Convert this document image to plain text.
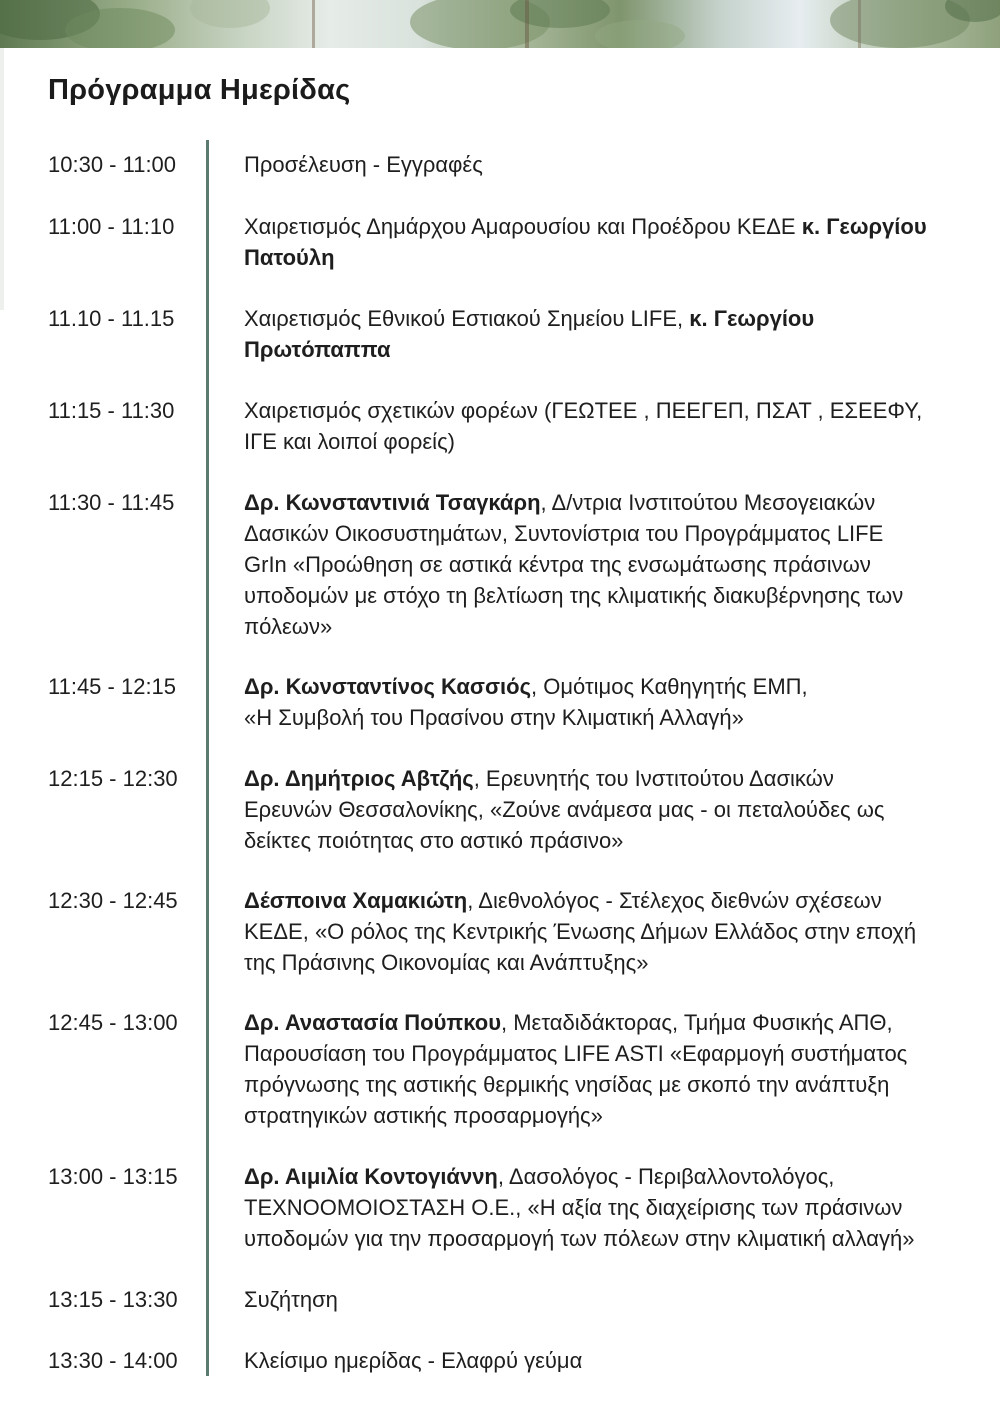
Πρόγραμμα Ημερίδας
10:30 - 11:00	Προσέλευση - Εγγραφές
11:00 - 11:10	Χαιρετισμός Δημάρχου Αμαρουσίου και Προέδρου ΚΕΔΕ κ. Γεωργίου
Πατούλη
11.10 - 11.15	Χαιρετισμός Εθνικού Εστιακού Σημείου LIFE, κ. Γεωργίου
Πρωτόπαππα
11:15 - 11:30	Χαιρετισμός σχετικών φορέων (ΓΕΩΤΕΕ , ΠΕΕΓΕΠ, ΠΣΑΤ , ΕΣΕΕΦΥ,
ΙΓΕ και λοιποί φορείς)
11:30 - 11:45	Δρ. Κωνσταντινιά Τσαγκάρη, Δ/ντρια Ινστιτούτου Μεσογειακών
Δασικών Οικοσυστημάτων, Συντονίστρια του Προγράμματος LIFE
GrIn «Προώθηση σε αστικά κέντρα της ενσωμάτωσης πράσινων
υποδομών με στόχο τη βελτίωση της κλιματικής διακυβέρνησης των
πόλεων»
11:45 - 12:15	Δρ. Κωνσταντίνος Κασσιός, Ομότιμος Καθηγητής ΕΜΠ,
«Η Συμβολή του Πρασίνου στην Κλιματική Αλλαγή»
12:15 - 12:30	Δρ. Δημήτριος Αβτζής, Ερευνητής του Ινστιτούτου Δασικών
Ερευνών Θεσσαλονίκης, «Ζούνε ανάμεσα μας - οι πεταλούδες ως
δείκτες ποιότητας στο αστικό πράσινο»
12:30 - 12:45	Δέσποινα Χαμακιώτη, Διεθνολόγος - Στέλεχος διεθνών σχέσεων
ΚΕΔΕ, «Ο ρόλος της Κεντρικής Ένωσης Δήμων Ελλάδος στην εποχή
της Πράσινης Οικονομίας και Ανάπτυξης»
12:45 - 13:00	Δρ. Αναστασία Πούπκου, Μεταδιδάκτορας, Τμήμα Φυσικής ΑΠΘ,
Παρουσίαση του Προγράμματος LIFE ASTI «Εφαρμογή συστήματος
πρόγνωσης της αστικής θερμικής νησίδας με σκοπό την ανάπτυξη
στρατηγικών αστικής προσαρμογής»
13:00 - 13:15	Δρ. Αιμιλία Κοντογιάννη, Δασολόγος - Περιβαλλοντολόγος,
ΤΕΧΝΟΟΜΟΙΟΣΤΑΣΗ Ο.Ε., «Η αξία της διαχείρισης των πράσινων
υποδομών για την προσαρμογή των πόλεων στην κλιματική αλλαγή»
13:15 - 13:30	Συζήτηση
13:30 - 14:00	Κλείσιμο ημερίδας - Ελαφρύ γεύμα
